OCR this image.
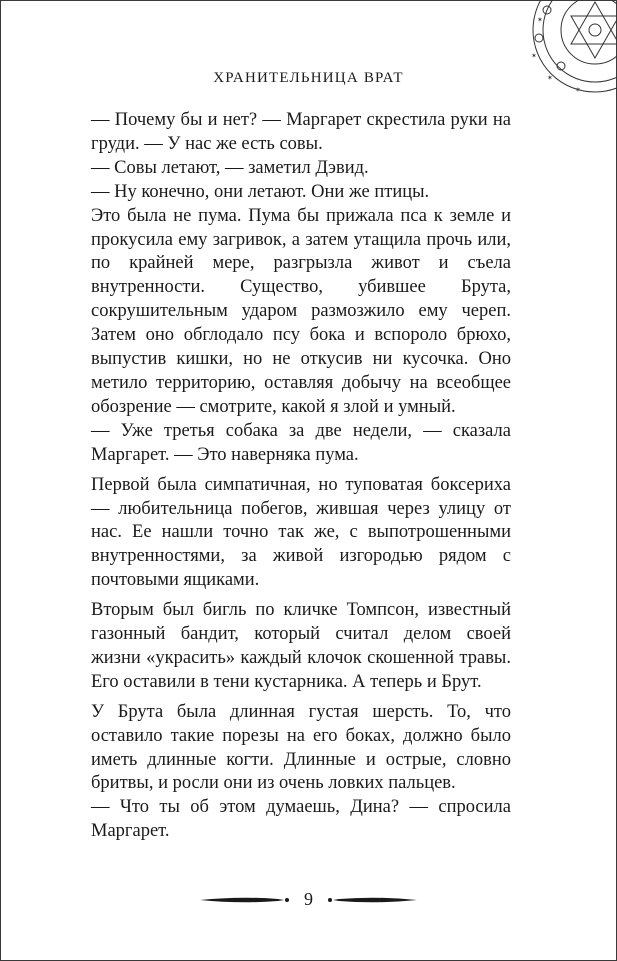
✶
✶
✶
✶
ХРАНИТЕЛЬНИЦА ВРАТ

— Почему бы и нет? — Маргарет скрестила руки на груди. — У нас же есть совы.

— Совы летают, — заметил Дэвид.

— Ну конечно, они летают. Они же птицы.

Это была не пума. Пума бы прижала пса к земле и прокусила ему загривок, а затем утащила прочь или, по крайней мере, разгрызла живот и съела внутренности. Существо, убившее Брута, сокрушительным ударом размозжило ему череп. Затем оно обглодало псу бока и вспороло брюхо, выпустив кишки, но не откусив ни кусочка. Оно метило территорию, оставляя добычу на всеобщее обозрение — смотрите, какой я злой и умный.

— Уже третья собака за две недели, — сказала Маргарет. — Это наверняка пума.

Первой была симпатичная, но туповатая боксериха — любительница побегов, жившая через улицу от нас. Ее нашли точно так же, с выпотрошенными внутренностями, за живой изгородью рядом с почтовыми ящиками.

Вторым был бигль по кличке Томпсон, известный газонный бандит, который считал делом своей жизни «украсить» каждый клочок скошенной травы. Его оставили в тени кустарника. А теперь и Брут.

У Брута была длинная густая шерсть. То, что оставило такие порезы на его боках, должно было иметь длинные когти. Длинные и острые, словно бритвы, и росли они из очень ловких пальцев.

— Что ты об этом думаешь, Дина? — спросила Маргарет.

9
